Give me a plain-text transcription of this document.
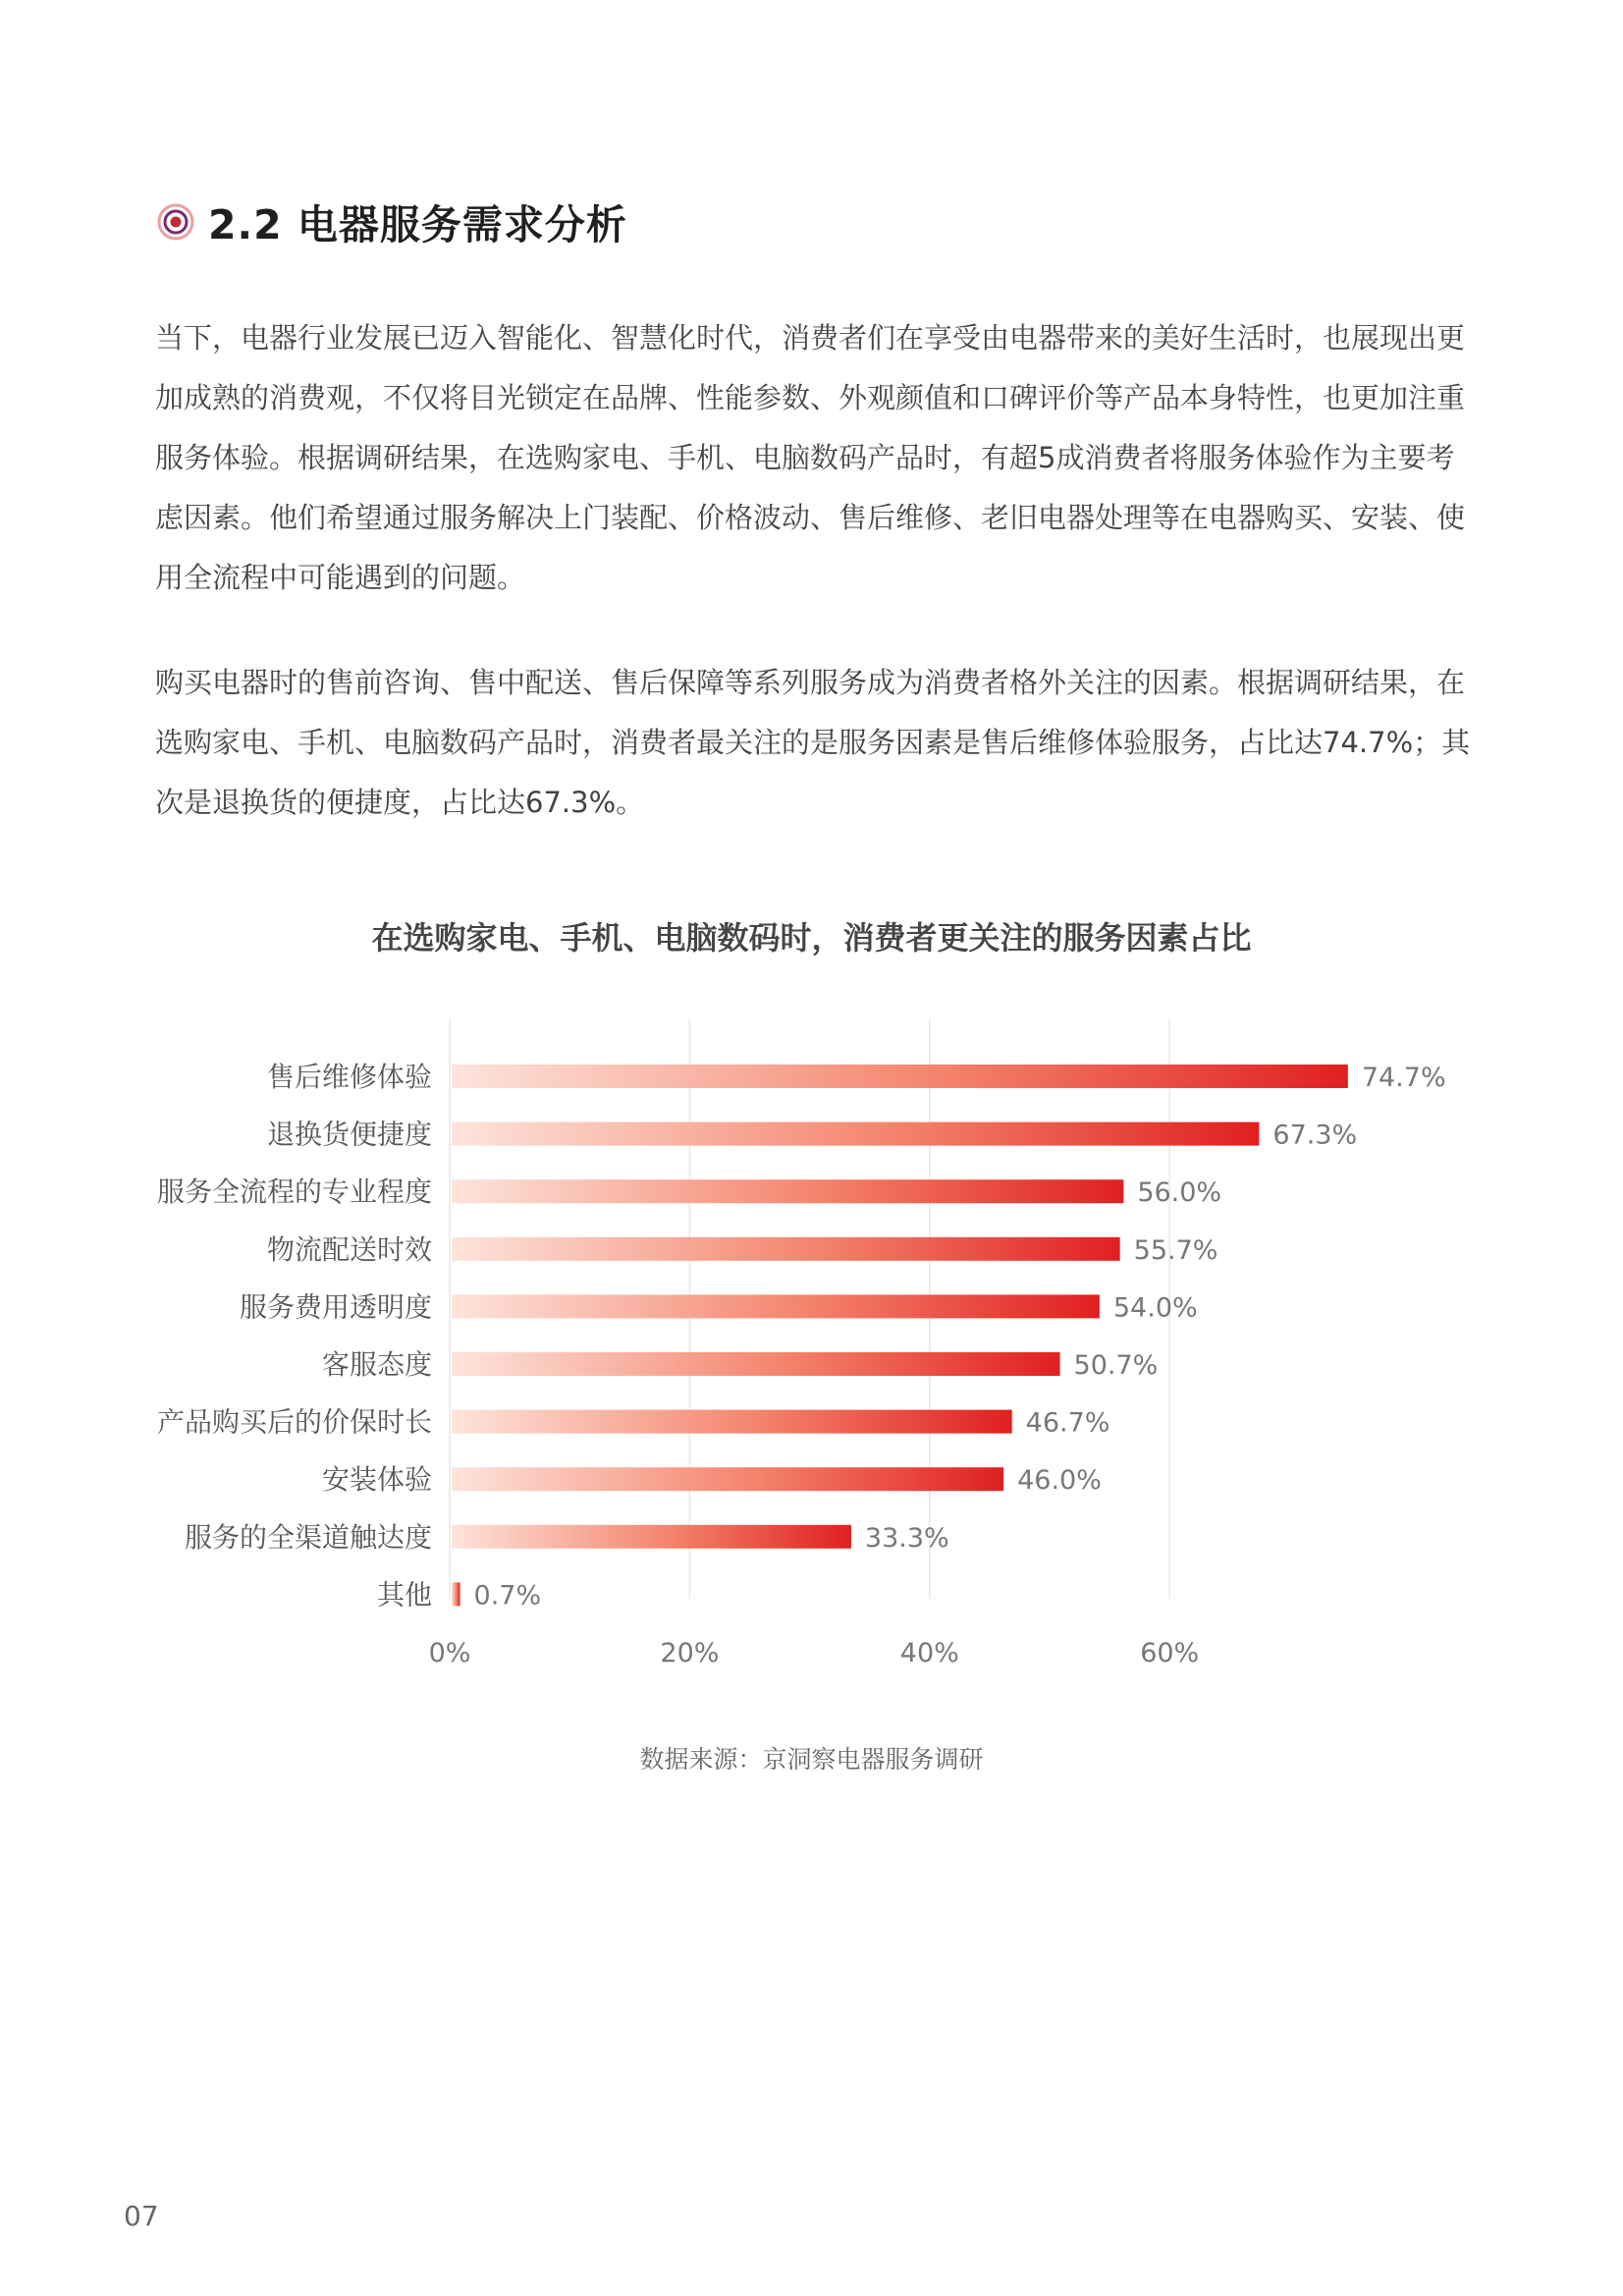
2.2 电器服务需求分析

当下，电器行业发展已迈入智能化、智慧化时代，消费者们在享受由电器带来的美好生活时，也展现出更加成熟的消费观，不仅将目光锁定在品牌、性能参数、外观颜值和口碑评价等产品本身特性，也更加注重服务体验。根据调研结果，在选购家电、手机、电脑数码产品时，有超5成消费者将服务体验作为主要考虑因素。他们希望通过服务解决上门装配、价格波动、售后维修、老旧电器处理等在电器购买、安装、使用全流程中可能遇到的问题。

购买电器时的售前咨询、售中配送、售后保障等系列服务成为消费者格外关注的因素。根据调研结果，在选购家电、手机、电脑数码产品时，消费者最关注的是服务因素是售后维修体验服务，占比达74.7%；其次是退换货的便捷度，占比达67.3%。

在选购家电、手机、电脑数码时，消费者更关注的服务因素占比
0%	20%	40%	60%
售后维修体验	74.7%
退换货便捷度	67.3%
服务全流程的专业程度	56.0%
物流配送时效	55.7%
服务费用透明度	54.0%
客服态度	50.7%
产品购买后的价保时长	46.7%
安装体验	46.0%
服务的全渠道触达度	33.3%
其他 0.7%
数据来源：京洞察电器服务调研
07
